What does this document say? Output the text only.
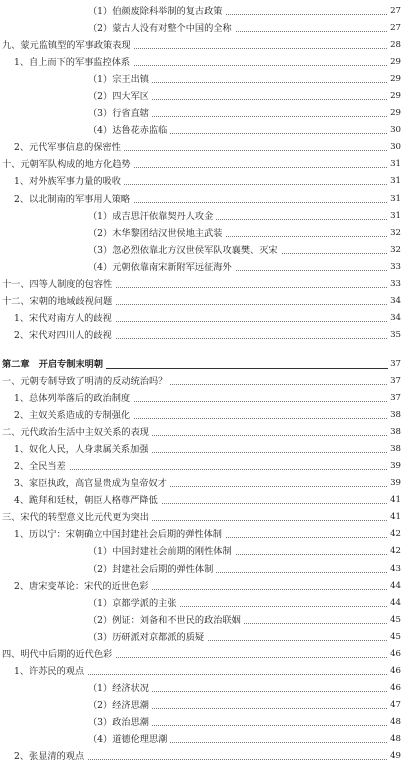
（1）伯颜废除科举制的复古政策	27
（2）蒙古人没有对整个中国的全称	27
九、蒙元监镇型的军事政策表现	28
1、自上而下的军事监控体系	29
（1）宗王出镇	29
（2）四大军区	29
（3）行省直辖	29
（4）达鲁花赤监临	30
2、元代军事信息的保密性	30
十、元朝军队构成的地方化趋势	31
1、对外族军事力量的吸收	31
2、以北制南的军事用人策略	31
（1）成吉思汗依靠契丹人攻金	31
（2）木华黎团结汉世侯地主武装	32
（3）忽必烈依靠北方汉世侯军队攻襄樊、灭宋	32
（4）元朝依靠南宋新附军远征海外	33
十一、四等人制度的包容性	33
十二、宋朝的地域歧视问题	34
1、宋代对南方人的歧视	34
2、宋代对四川人的歧视	35
第二章　开启专制末明朝	37
一、元朝专制导致了明清的反动统治吗？	37
1、总体列举落后的政治制度	37
2、主奴关系造成的专制强化	38
二、元代政治生活中主奴关系的表现	38
1、奴化人民，人身隶属关系加强	38
2、全民当差	39
3、家臣执政，高官显贵成为皇帝奴才	39
4、跪拜和廷杖，朝臣人格尊严降低	41
三、宋代的转型意义比元代更为突出	41
1、历以宁：宋朝确立中国封建社会后期的弹性体制	42
（1）中国封建社会前期的刚性体制	42
（2）封建社会后期的弹性体制	43
2、唐宋变革论：宋代的近世色彩	44
（1）京都学派的主张	44
（2）例证：刘备和不世民的政治联姻	45
（3）历研派对京都派的质疑	45
四、明代中后期的近代色彩	46
1、许苏民的观点	46
（1）经济状况	46
（2）经济思潮	47
（3）政治思潮	48
（4）道德伦理思潮	48
2、张显清的观点	49
